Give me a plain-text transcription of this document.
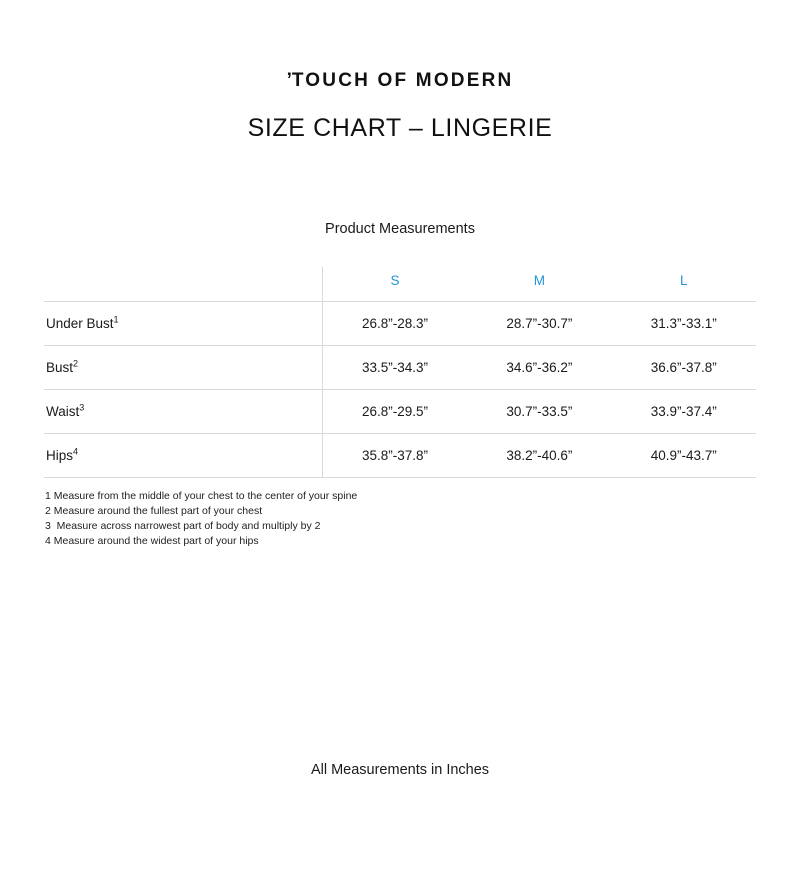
’TOUCH OF MODERN
SIZE CHART – LINGERIE
Product Measurements
	S	M	L
Under Bust$^1$	26.8”-28.3”	28.7”-30.7”	31.3”-33.1”
Bust$^2$	33.5”-34.3”	34.6”-36.2”	36.6”-37.8”
Waist$^3$	26.8”-29.5”	30.7”-33.5”	33.9”-37.4”
Hips$^4$	35.8”-37.8”	38.2”-40.6”	40.9”-43.7”
1 Measure from the middle of your chest to the center of your spine
2 Measure around the fullest part of your chest
3  Measure across narrowest part of body and multiply by 2
4 Measure around the widest part of your hips
All Measurements in Inches
